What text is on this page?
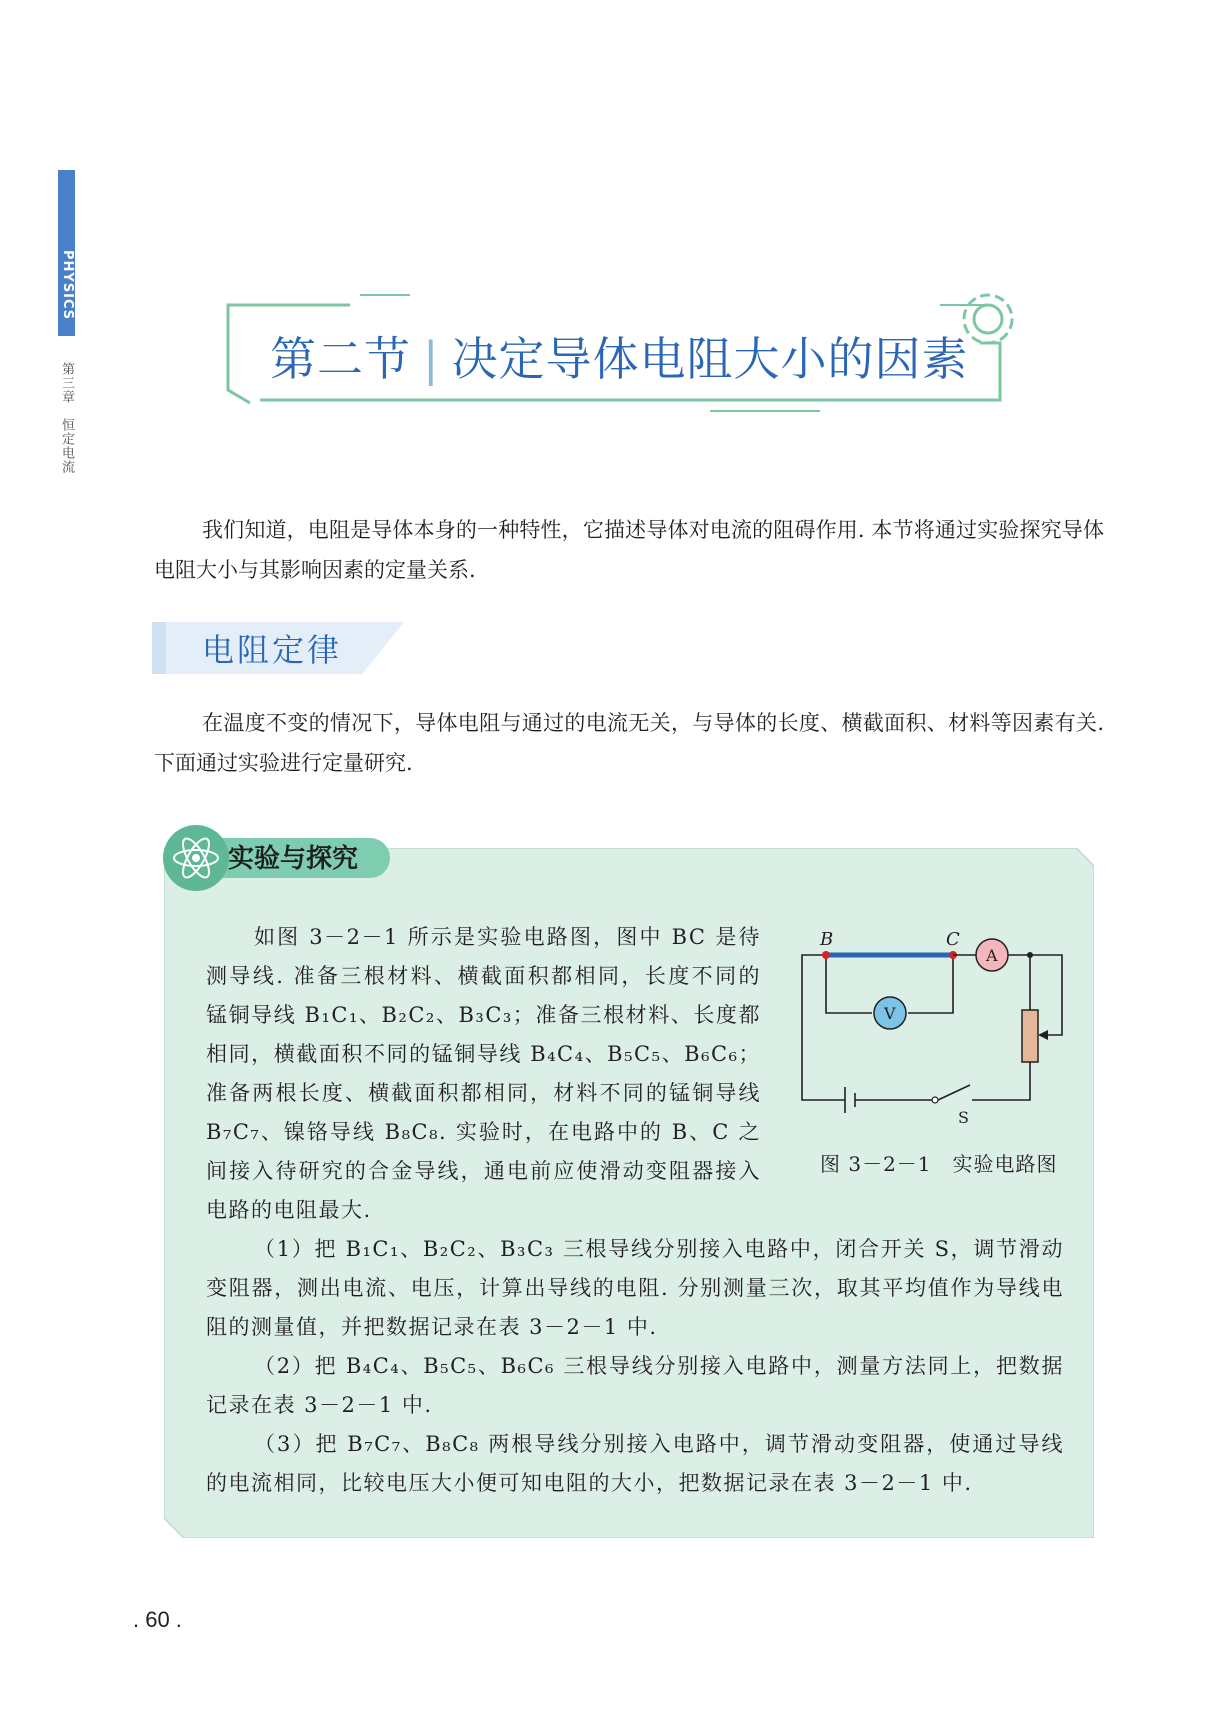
PHYSICS
第三章　恒定电流
第二节 | 决定导体电阻大小的因素

我们知道，电阻是导体本身的一种特性，它描述导体对电流的阻碍作用. 本节将通过实验探究导体电阻大小与其影响因素的定量关系.

电阻定律

在温度不变的情况下，导体电阻与通过的电流无关，与导体的长度、横截面积、材料等因素有关. 下面通过实验进行定量研究.

实验与探究

如图 3－2－1 所示是实验电路图，图中 BC 是待测导线. 准备三根材料、横截面积都相同，长度不同的锰铜导线 B₁C₁、B₂C₂、B₃C₃；准备三根材料、长度都相同，横截面积不同的锰铜导线 B₄C₄、B₅C₅、B₆C₆；准备两根长度、横截面积都相同，材料不同的锰铜导线 B₇C₇、镍铬导线 B₈C₈. 实验时，在电路中的 B、C 之间接入待研究的合金导线，通电前应使滑动变阻器接入电路的电阻最大.

B	C
A
V
S
图 3－2－1　实验电路图

（1）把 B₁C₁、B₂C₂、B₃C₃ 三根导线分别接入电路中，闭合开关 S，调节滑动变阻器，测出电流、电压，计算出导线的电阻. 分别测量三次，取其平均值作为导线电阻的测量值，并把数据记录在表 3－2－1 中.

（2）把 B₄C₄、B₅C₅、B₆C₆ 三根导线分别接入电路中，测量方法同上，把数据记录在表 3－2－1 中.

（3）把 B₇C₇、B₈C₈ 两根导线分别接入电路中，调节滑动变阻器，使通过导线的电流相同，比较电压大小便可知电阻的大小，把数据记录在表 3－2－1 中.

. 60 .
